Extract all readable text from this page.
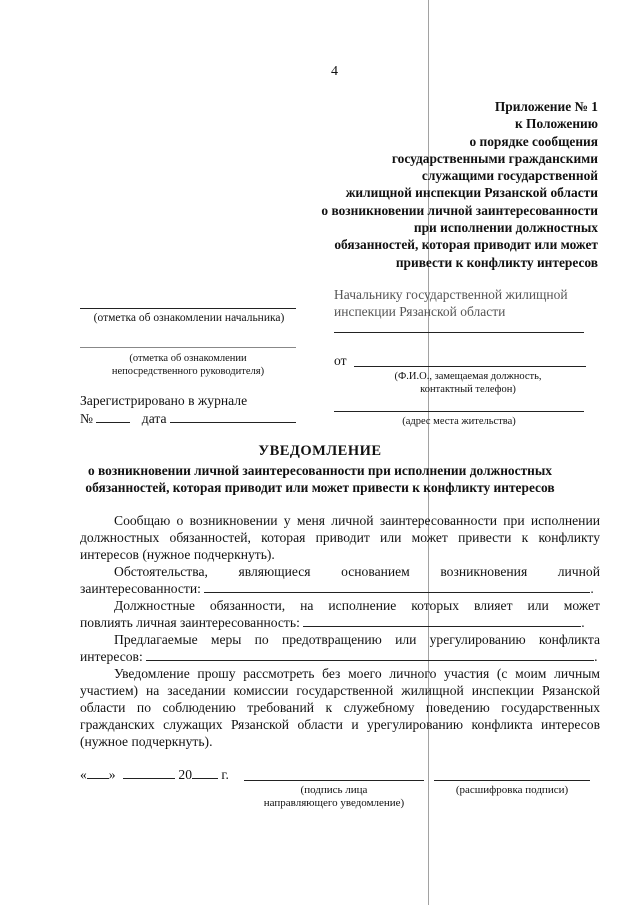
4
Приложение № 1
к Положению
о порядке сообщения
государственными гражданскими
служащими государственной
жилищной инспекции Рязанской области
о возникновении личной заинтересованности
при исполнении должностных
обязанностей, которая приводит или может
привести к конфликту интересов
(отметка об ознакомлении начальника)
(отметка об ознакомлении
непосредственного руководителя)
Зарегистрировано в журнале
№	дата
Начальнику государственной жилищной
инспекции Рязанской области
от
(Ф.И.О., замещаемая должность,
контактный телефон)
(адрес места жительства)
УВЕДОМЛЕНИЕ
о возникновении личной заинтересованности при исполнении должностных
обязанностей, которая приводит или может привести к конфликту интересов
Сообщаю о возникновении у меня личной заинтересованности при исполнении должностных обязанностей, которая приводит или может привести к конфликту интересов (нужное подчеркнуть).
Обстоятельства, являющиеся основанием возникновения личной
заинтересованности:	.
Должностные обязанности, на исполнение которых влияет или может
повлиять личная заинтересованность:	.
Предлагаемые меры по предотвращению или урегулированию конфликта
интересов:	.
Уведомление прошу рассмотреть без моего личного участия (с моим личным участием) на заседании комиссии государственной жилищной инспекции Рязанской области по соблюдению требований к служебному поведению государственных гражданских служащих Рязанской области и урегулированию конфликта интересов (нужное подчеркнуть).
« »	20 г.
(подпись лица
направляющего уведомление)
(расшифровка подписи)
